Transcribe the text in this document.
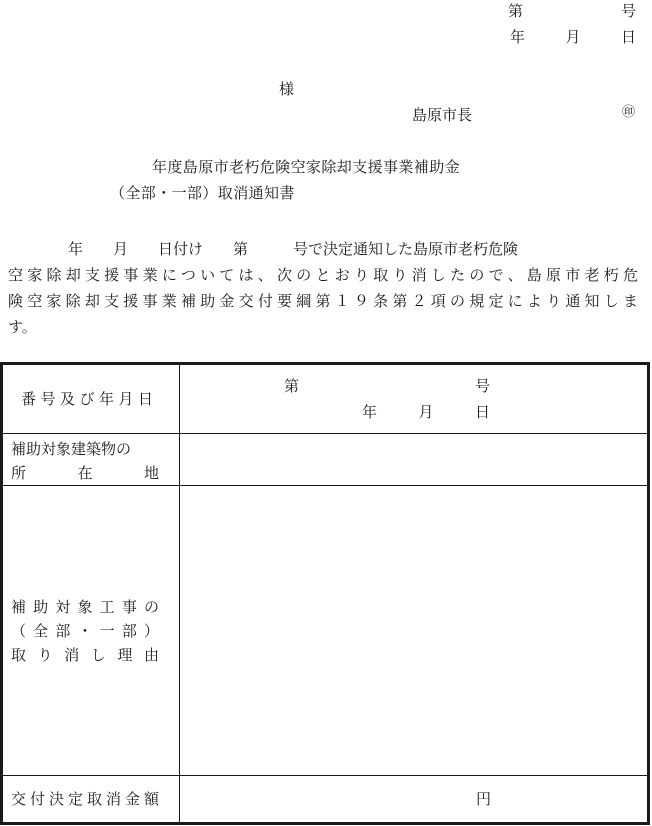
第　　　　号
年　　月　　日
様
島原市長	㊞
年度島原市老朽危険空家除却支援事業補助金
（全部・一部）取消通知書
年　　月　　日付け　　第　　　号で決定通知した島原市老朽危険
空家除却支援事業については、次のとおり取り消したので、島原市老朽危
険空家除却支援事業補助金交付要綱第１９条第２項の規定により通知しま
す。
番号及び年月日	第　　　　　　　　　　　号
年　　月　　日

補助対象建築物の
所　　在　　地	

補助対象工事の
（全部・一部）
取り消し理由	

交付決定取消金額	円
